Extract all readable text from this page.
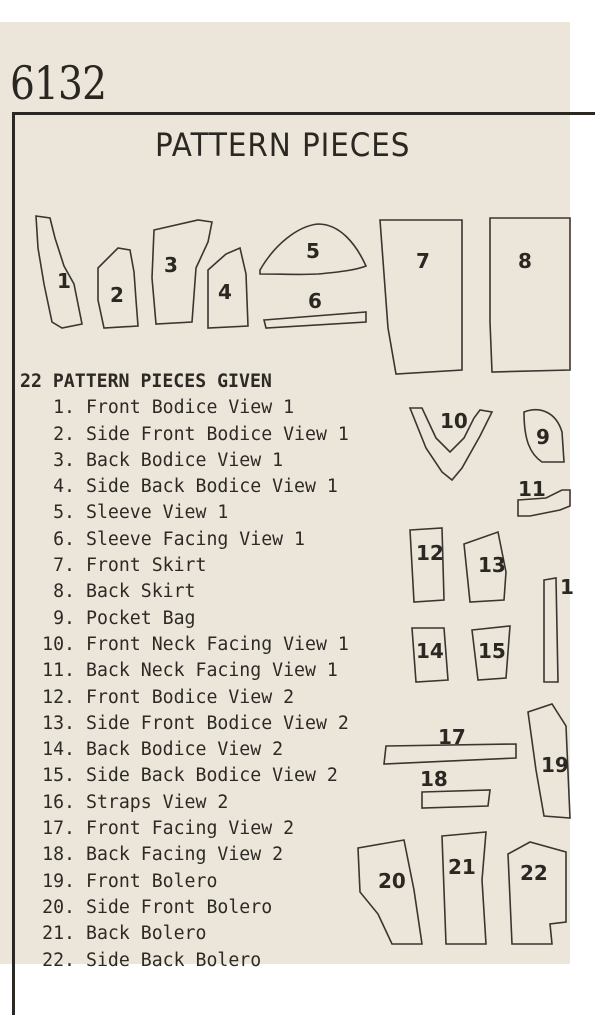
1
2
3
4
5
6
7	8
10
9
11
12 13
1
14 15
17
18
19
20
21 22
6132
PATTERN PIECES
22 PATTERN PIECES GIVEN
1. Front Bodice View 1
2. Side Front Bodice View 1
3. Back Bodice View 1
4. Side Back Bodice View 1
5. Sleeve View 1
6. Sleeve Facing View 1
7. Front Skirt
8. Back Skirt
9. Pocket Bag
10. Front Neck Facing View 1
11. Back Neck Facing View 1
12. Front Bodice View 2
13. Side Front Bodice View 2
14. Back Bodice View 2
15. Side Back Bodice View 2
16. Straps View 2
17. Front Facing View 2
18. Back Facing View 2
19. Front Bolero
20. Side Front Bolero
21. Back Bolero
22. Side Back Bolero
